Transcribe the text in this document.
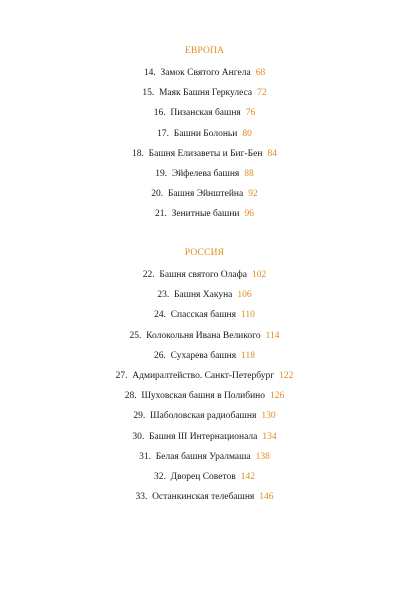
ЕВРОПА
14. Замок Святого Ангела 68
15. Маяк Башня Геркулеса 72
16. Пизанская башня 76
17. Башни Болоньи 80
18. Башня Елизаветы и Биг-Бен 84
19. Эйфелева башня 88
20. Башня Эйнштейна 92
21. Зенитные башни 96
РОССИЯ
22. Башня святого Олафа 102
23. Башня Хакуна 106
24. Спасская башня 110
25. Колокольня Ивана Великого 114
26. Сухарева башня 118
27. Адмиралтейство. Санкт-Петербург 122
28. Шуховская башня в Полибино 126
29. Шаболовская радиобашня 130
30. Башня III Интернационала 134
31. Белая башня Уралмаша 138
32. Дворец Советов 142
33. Останкинская телебашня 146
